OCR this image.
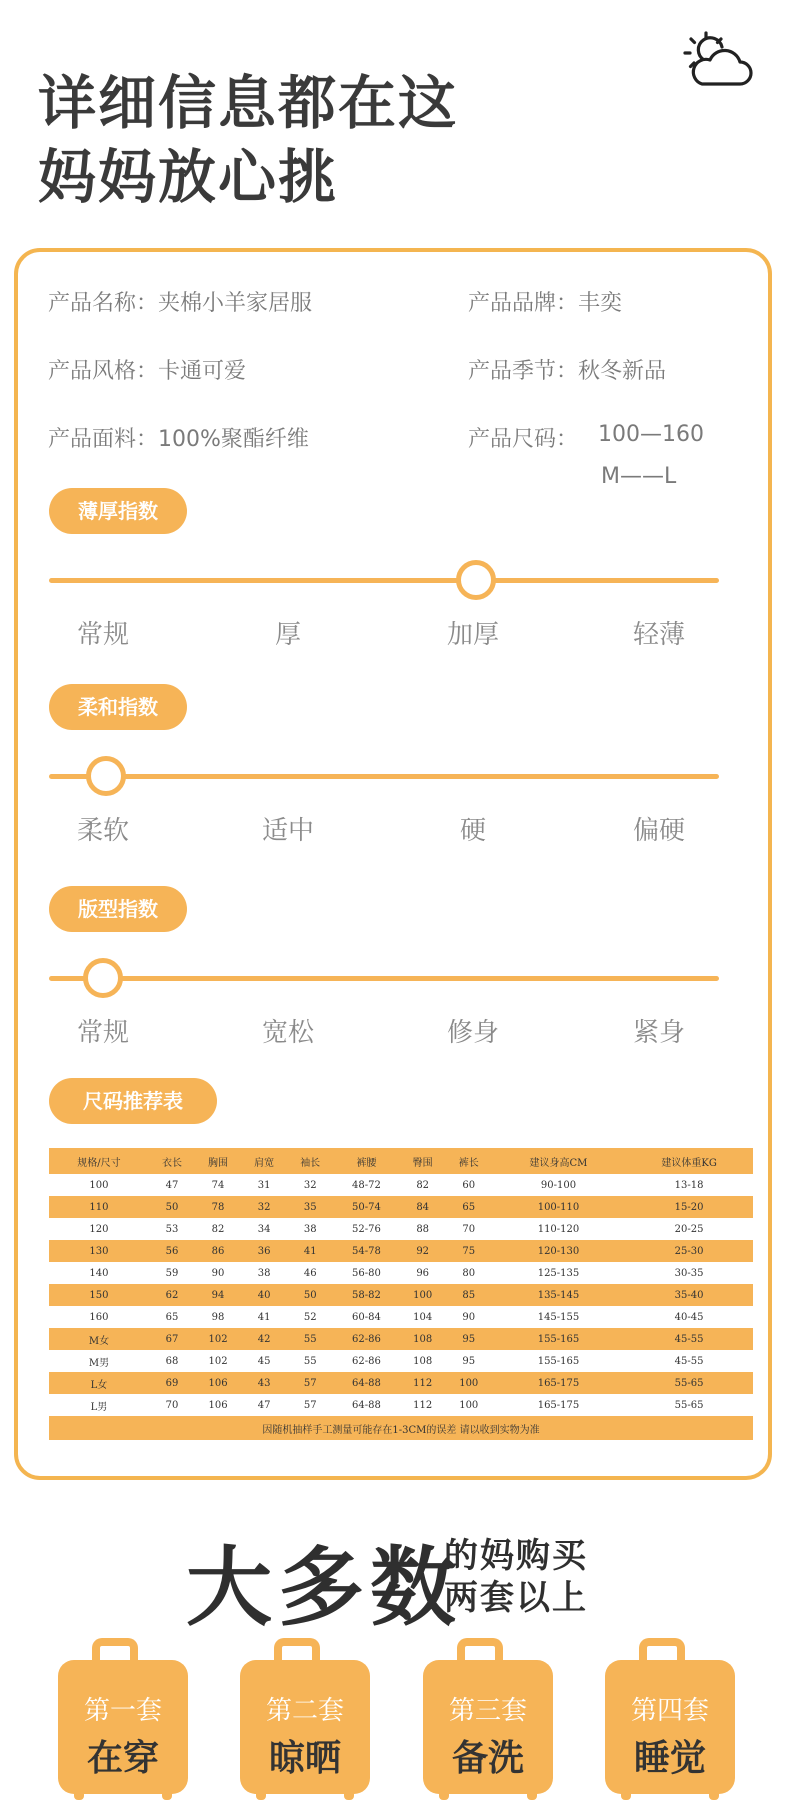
详细信息都在这
妈妈放心挑
产品名称：夹棉小羊家居服	产品品牌：丰奕
产品风格：卡通可爱	产品季节：秋冬新品
产品面料：100%聚酯纤维	产品尺码： 100—160
M——L
薄厚指数
常规	厚	加厚	轻薄
柔和指数
柔软	适中	硬	偏硬
版型指数
常规	宽松	修身	紧身
尺码推荐表
规格/尺寸	衣长	胸围	肩宽	袖长	裤腰	臀围	裤长	建议身高CM	建议体重KG
100	47	74	31	32	48-72	82	60	90-100	13-18
110	50	78	32	35	50-74	84	65	100-110	15-20
120	53	82	34	38	52-76	88	70	110-120	20-25
130	56	86	36	41	54-78	92	75	120-130	25-30
140	59	90	38	46	56-80	96	80	125-135	30-35
150	62	94	40	50	58-82	100	85	135-145	35-40
160	65	98	41	52	60-84	104	90	145-155	40-45
M女	67	102	42	55	62-86	108	95	155-165	45-55
M男	68	102	45	55	62-86	108	95	155-165	45-55
L女	69	106	43	57	64-88	112	100	165-175	55-65
L男	70	106	47	57	64-88	112	100	165-175	55-65
因随机抽样手工测量可能存在1-3CM的误差 请以收到实物为准									
大多数
的妈购买
两套以上
第一套
在穿
第二套
晾晒
第三套
备洗
第四套
睡觉
